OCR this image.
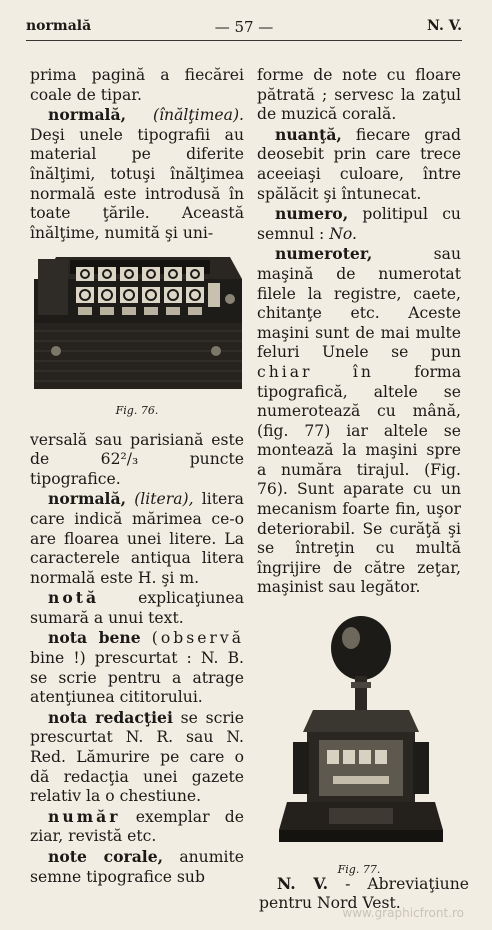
normală	— 57 —	N. V.

prima pagină a fiecărei coale de tipar.

normală, (înălţimea). Deşi unele tipografii au material pe diferite înălţimi, totuşi înălţimea normală este introdusă în toate ţările. Această înălţime, numită şi uni-

Fig. 76.

versală sau parisiană este de 62²/₃ puncte tipografice.

normală, (litera), litera care indică mărimea ce-o are floarea unei litere. La caracterele antiqua litera normală este H. şi m.

notă	explicaţiunea sumară a unui text.

nota bene (observă bine !) prescurtat : N. B. se scrie pentru a atrage atenţiunea cititorului.

nota redacţiei se scrie prescurtat N. R. sau N. Red. Lămurire pe care o dă redacţia unei gazete relativ la o chestiune.

număr exemplar de ziar, revistă etc.

note corale, anumite semne tipografice sub

forme de note cu floare pătrată ; servesc la zaţul de muzică corală.

nuanţă, fiecare grad deosebit prin care trece aceeiaşi culoare, între spălăcit şi întunecat.

numero, politipul cu semnul : No.

numeroter,	sau maşină de numerotat filele la registre, caete, chitanţe etc. Aceste maşini sunt de mai multe feluri Unele se pun chiar	în	forma tipografică, altele se numerotează cu mână, (fig. 77) iar altele se montează la maşini spre a număra tirajul. (Fig. 76). Sunt aparate cu un mecanism foarte fin, uşor deteriorabil. Se curăţă şi se întreţin cu multă îngrijire de către zeţar, maşinist sau legător.

Fig. 77.

N. V. - Abreviaţiune pentru Nord Vest.

www.graphicfront.ro
